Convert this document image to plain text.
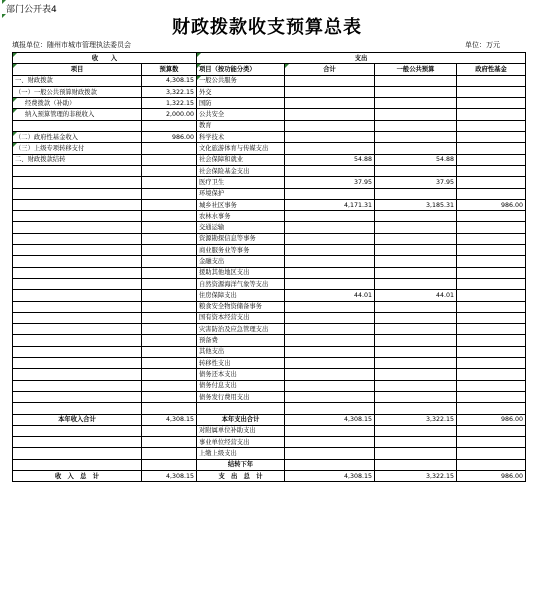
部门公开表4
财政拨款收支预算总表
填报单位：随州市城市管理执法委员会	单位：万元
收　　入		支出			
项目	预算数	项目（按功能分类）	合计	一般公共预算	政府性基金
一、财政拨款	4,308.15	一般公共服务			
（一）一般公共预算财政拨款	3,322.15	外交			
经费拨款（补助）	1,322.15	国防			
纳入预算管理的非税收入	2,000.00	公共安全			
		教育			
（二）政府性基金收入	986.00	科学技术			
（三）上级专项转移支付		文化旅游体育与传媒支出			
二、财政拨款结转		社会保障和就业	54.88	54.88	
		社会保险基金支出			
		医疗卫生	37.95	37.95	
		环境保护			
		城乡社区事务	4,171.31	3,185.31	986.00
		农林水事务			
		交通运输			
		资源勘探信息等事务			
		商业服务业等事务			
		金融支出			
		援助其他地区支出			
		自然资源海洋气象等支出			
		住房保障支出	44.01	44.01	
		粮食安全物资储备事务			
		国有资本经营支出			
		灾害防治及应急管理支出			
		预备费			
		其他支出			
		转移性支出			
		债务还本支出			
		债务付息支出			
		债务发行费用支出			

本年收入合计	4,308.15	本年支出合计	4,308.15	3,322.15	986.00
		对附属单位补助支出			
		事业单位经营支出			
		上缴上级支出			
		结转下年			
收　入　总　计	4,308.15	支　出　总　计	4,308.15	3,322.15	986.00
